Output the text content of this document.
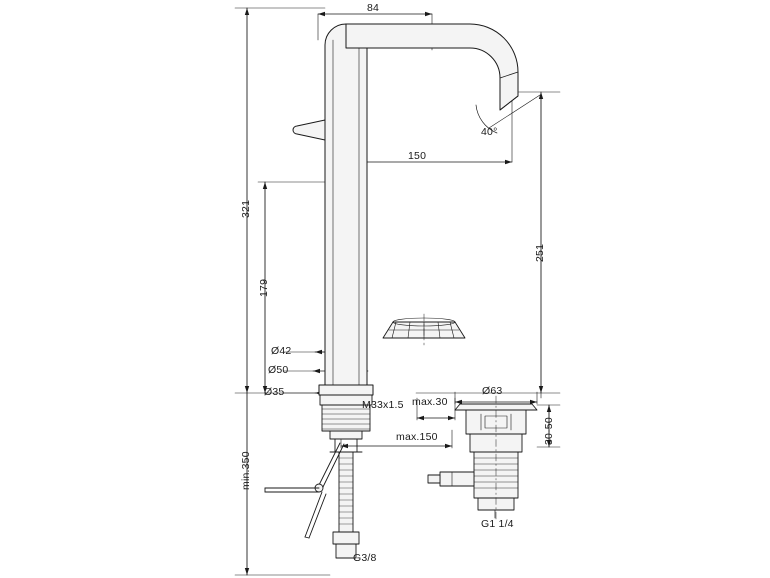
84
150
40°
321
179
251
min.350
30-50
Ø42
Ø50
Ø35
M33x1.5 max.30
max.150
Ø63
G1 1/4
G3/8
